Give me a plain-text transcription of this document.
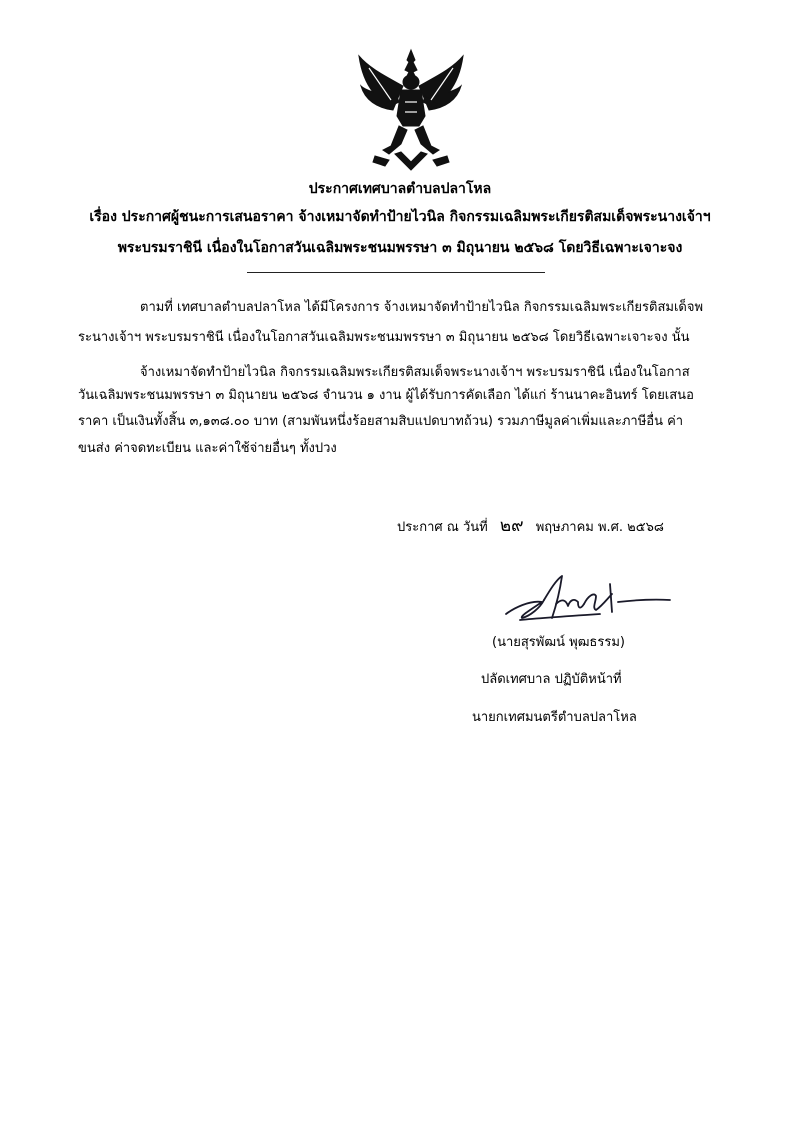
ประกาศเทศบาลตำบลปลาโหล
เรื่อง ประกาศผู้ชนะการเสนอราคา จ้างเหมาจัดทำป้ายไวนิล กิจกรรมเฉลิมพระเกียรติสมเด็จพระนางเจ้าฯ
พระบรมราชินี เนื่องในโอกาสวันเฉลิมพระชนมพรรษา ๓ มิถุนายน ๒๕๖๘ โดยวิธีเฉพาะเจาะจง
ตามที่ เทศบาลตำบลปลาโหล ได้มีโครงการ จ้างเหมาจัดทำป้ายไวนิล กิจกรรมเฉลิมพระเกียรติสมเด็จพ
ระนางเจ้าฯ พระบรมราชินี เนื่องในโอกาสวันเฉลิมพระชนมพรรษา ๓ มิถุนายน ๒๕๖๘ โดยวิธีเฉพาะเจาะจง นั้น
จ้างเหมาจัดทำป้ายไวนิล กิจกรรมเฉลิมพระเกียรติสมเด็จพระนางเจ้าฯ พระบรมราชินี เนื่องในโอกาส
วันเฉลิมพระชนมพรรษา ๓ มิถุนายน ๒๕๖๘ จำนวน ๑ งาน ผู้ได้รับการคัดเลือก ได้แก่ ร้านนาคะอินทร์ โดยเสนอ
ราคา เป็นเงินทั้งสิ้น ๓,๑๓๘.๐๐ บาท (สามพันหนึ่งร้อยสามสิบแปดบาทถ้วน) รวมภาษีมูลค่าเพิ่มและภาษีอื่น ค่า
ขนส่ง ค่าจดทะเบียน และค่าใช้จ่ายอื่นๆ ทั้งปวง
ประกาศ ณ วันที่ ๒๙ พฤษภาคม พ.ศ. ๒๕๖๘
(นายสุรพัฒน์ พุฒธรรม)
ปลัดเทศบาล ปฏิบัติหน้าที่
นายกเทศมนตรีตำบลปลาโหล
